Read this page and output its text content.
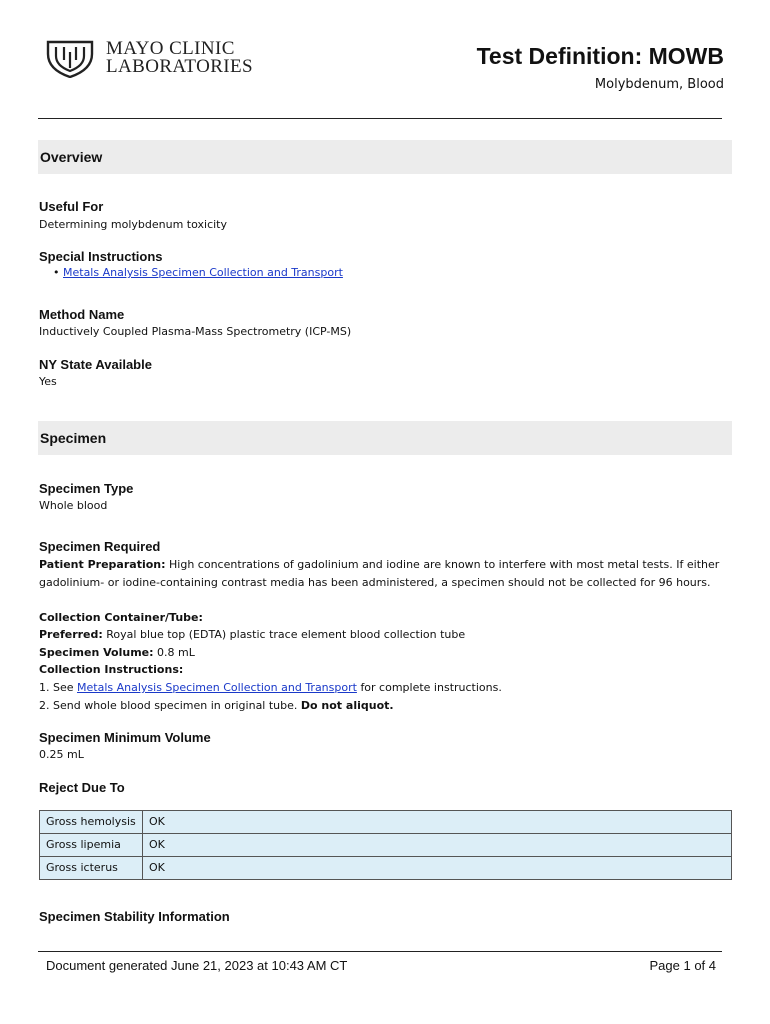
MAYO CLINIC
LABORATORIES	Test Definition: MOWB
Molybdenum, Blood
Overview
Useful For
Determining molybdenum toxicity
Special Instructions
• Metals Analysis Specimen Collection and Transport
Method Name
Inductively Coupled Plasma-Mass Spectrometry (ICP-MS)
NY State Available
Yes
Specimen
Specimen Type
Whole blood
Specimen Required
Patient Preparation: High concentrations of gadolinium and iodine are known to interfere with most metal tests. If either gadolinium- or iodine-containing contrast media has been administered, a specimen should not be collected for 96 hours.
Collection Container/Tube:
Preferred: Royal blue top (EDTA) plastic trace element blood collection tube
Specimen Volume: 0.8 mL
Collection Instructions:
1. See Metals Analysis Specimen Collection and Transport for complete instructions.
2. Send whole blood specimen in original tube. Do not aliquot.
Specimen Minimum Volume
0.25 mL
Reject Due To
Gross hemolysis	OK
Gross lipemia	OK
Gross icterus	OK
Specimen Stability Information
Document generated June 21, 2023 at 10:43 AM CT	Page 1 of 4
